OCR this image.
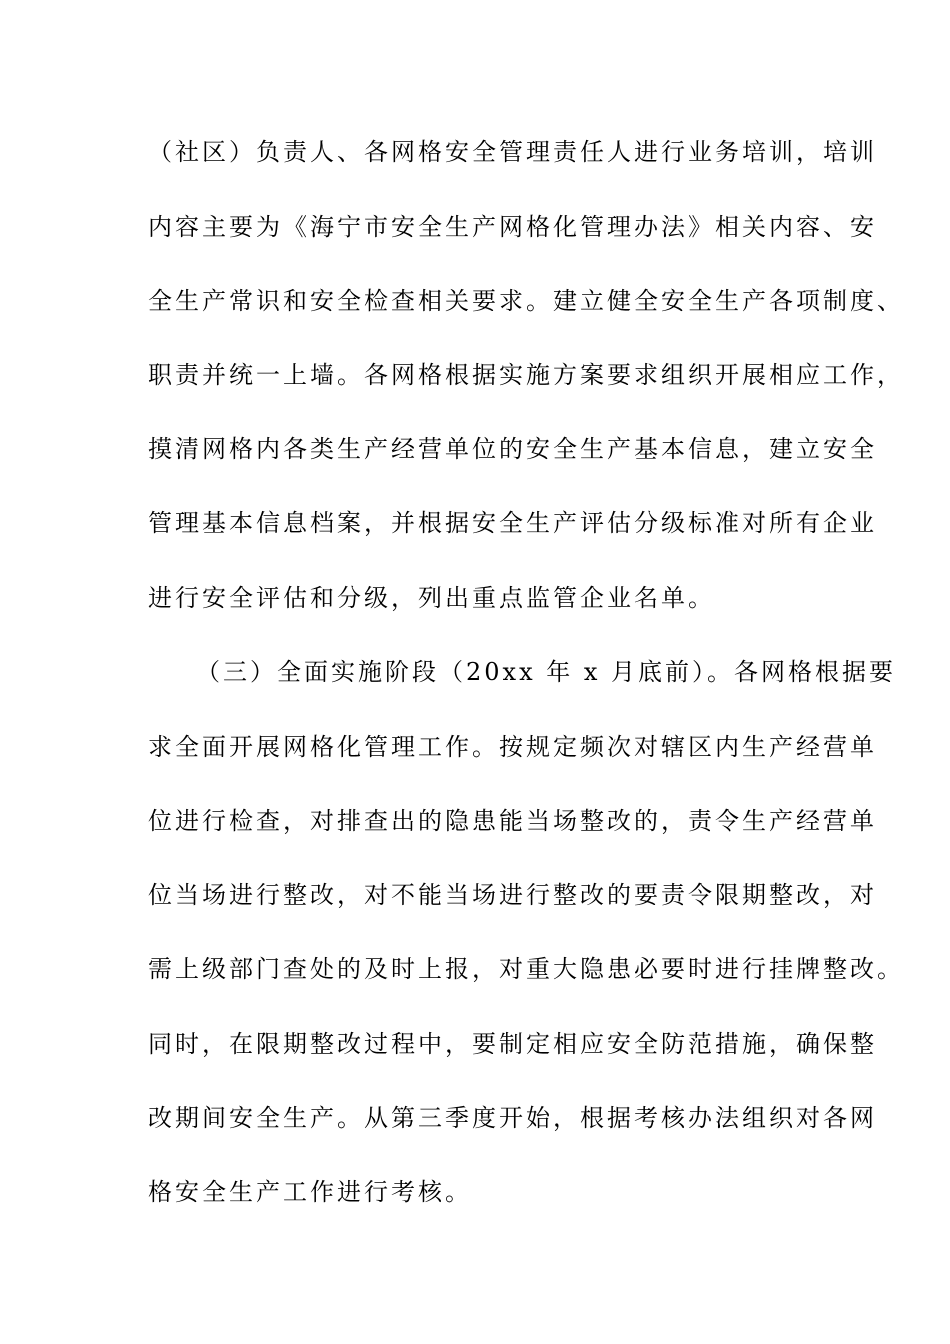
（社区）负责人、各网格安全管理责任人进行业务培训，培训
内容主要为《海宁市安全生产网格化管理办法》相关内容、安
全生产常识和安全检查相关要求。建立健全安全生产各项制度、
职责并统一上墙。各网格根据实施方案要求组织开展相应工作，
摸清网格内各类生产经营单位的安全生产基本信息，建立安全
管理基本信息档案，并根据安全生产评估分级标准对所有企业
进行安全评估和分级，列出重点监管企业名单。
（三）全面实施阶段（20xx 年 x 月底前）。各网格根据要
求全面开展网格化管理工作。按规定频次对辖区内生产经营单
位进行检查，对排查出的隐患能当场整改的，责令生产经营单
位当场进行整改，对不能当场进行整改的要责令限期整改，对
需上级部门查处的及时上报，对重大隐患必要时进行挂牌整改。
同时，在限期整改过程中，要制定相应安全防范措施，确保整
改期间安全生产。从第三季度开始，根据考核办法组织对各网
格安全生产工作进行考核。
